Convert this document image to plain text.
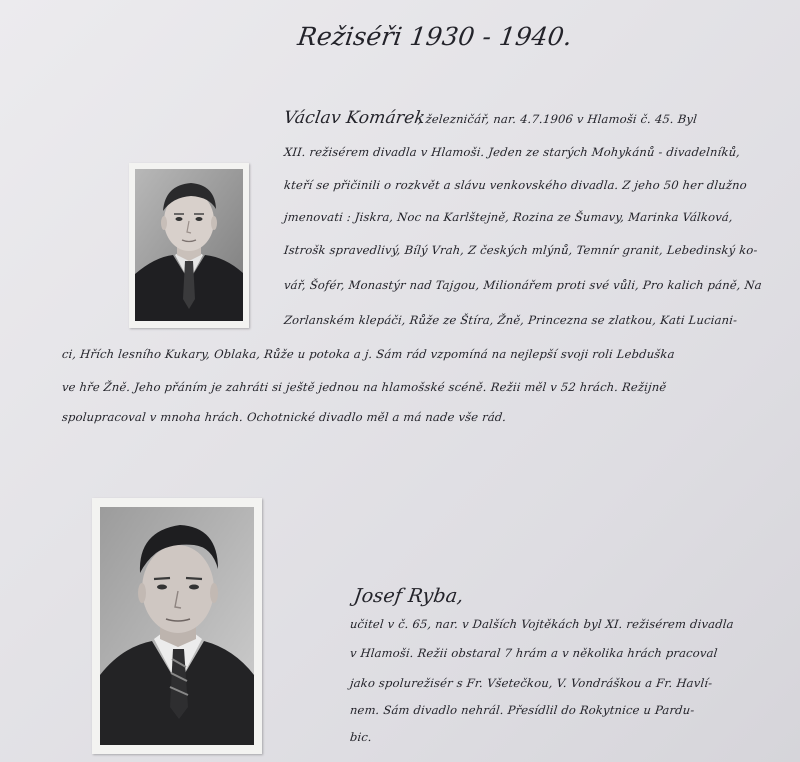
Režiséři 1930 - 1940.
Václav Komárek
, železničář, nar. 4.7.1906 v Hlamoši č. 45. Byl
XII. režisérem divadla v Hlamoši. Jeden ze starých Mohykánů - divadelníků,
kteří se přičinili o rozkvět a slávu venkovského divadla. Z jeho 50 her dlužno
jmenovati : Jiskra, Noc na Karlštejně, Rozina ze Šumavy, Marinka Válková,
Istrošk spravedlivý, Bílý Vrah, Z českých mlýnů, Temnír granit, Lebedinský ko-
vář, Šofér, Monastýr nad Tajgou, Milionářem proti své vůli, Pro kalich páně, Na
Zorlanském klepáči, Růže ze Štíra, Žně, Princezna se zlatkou, Kati Luciani-
ci, Hřích lesního Kukary, Oblaka, Růže u potoka a j. Sám rád vzpomíná na nejlepší svoji roli Lebduška
ve hře Žně. Jeho přáním je zahráti si ještě jednou na hlamošské scéně. Režii měl v 52 hrách. Režijně
spolupracoval v mnoha hrách. Ochotnické divadlo měl a má nade vše rád.
Josef Ryba,
učitel v č. 65, nar. v Dalších Vojtěkách byl XI. režisérem divadla
v Hlamoši. Režii obstaral 7 hrám a v několika hrách pracoval
jako spolurežisér s Fr. Všetečkou, V. Vondráškou a Fr. Havlí-
nem. Sám divadlo nehrál. Přesídlil do Rokytnice u Pardu-
bic.
